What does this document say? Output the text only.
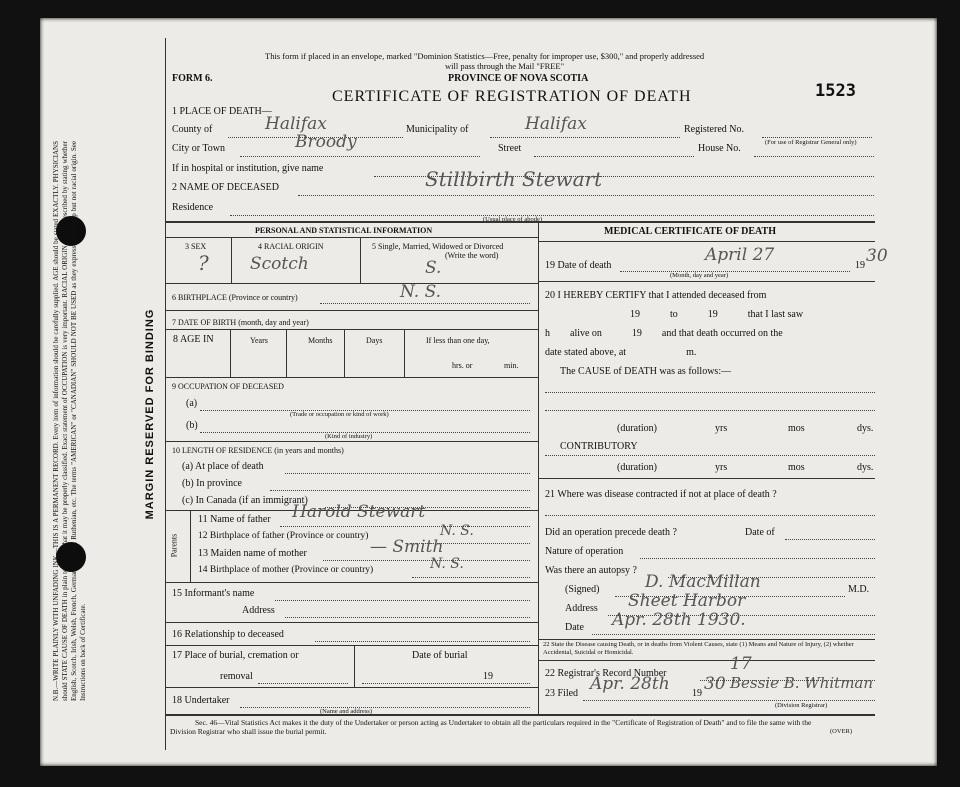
N.B.—WRITE PLAINLY WITH UNFADING INK—THIS IS A PERMANENT RECORD. Every item of information should be carefully supplied. AGE should be stated EXACTLY. PHYSICIANS should STATE CAUSE OF DEATH in plain terms, so that it may be properly classified. Exact statement of OCCUPATION is very important. RACIAL ORIGIN will be described by stating whether English, Scotch, Irish, Welsh, French, German, Russian, Ruthenian, etc. The terms "AMERICAN" or "CANADIAN" SHOULD NOT BE USED as they express citizenship but not racial origin. See Instructions on back of Certificate.
MARGIN RESERVED FOR BINDING
This form if placed in an envelope, marked "Dominion Statistics—Free, penalty for improper use, $300," and properly addressed
will pass through the Mail "FREE"
FORM 6.	PROVINCE OF NOVA SCOTIA
CERTIFICATE OF REGISTRATION OF DEATH	1523
1 PLACE OF DEATH—
County of	Halifax	Municipality of	Halifax	Registered No.
(For use of Registrar General only)
City or Town	Broody	Street	House No.
If in hospital or institution, give name
2 NAME OF DECEASED	Stillbirth Stewart
Residence
(Usual place of abode)
PERSONAL AND STATISTICAL INFORMATION	MEDICAL CERTIFICATE OF DEATH
3 SEX
?
4 RACIAL ORIGIN
Scotch
5 Single, Married, Widowed or Divorced
(Write the word)
S.
6 BIRTHPLACE (Province or country)	N. S.
7 DATE OF BIRTH (month, day and year)
8 AGE IN	Years	Months	Days	If less than one day,
hrs. or	min.
9 OCCUPATION OF DECEASED
(a)
(Trade or occupation or kind of work)
(b)
(Kind of industry)
10 LENGTH OF RESIDENCE (in years and months)
(a) At place of death
(b) In province
(c) In Canada (if an immigrant)
Parents
11 Name of father Harold Stewart
12 Birthplace of father (Province or country)	N. S.
13 Maiden name of mother	— Smith
14 Birthplace of mother (Province or country)	N. S.
15 Informant's name
Address
16 Relationship to deceased
17 Place of burial, cremation or
removal
Date of burial
19
18 Undertaker
(Name and address)
19 Date of death
April 27
(Month, day and year)
19 30
20 I HEREBY CERTIFY that I attended deceased from
19            to            19            that I last saw
h        alive on            19        and that death occurred on the
date stated above, at                        m.
The CAUSE of DEATH was as follows:—
(duration)	yrs	mos	dys.
CONTRIBUTORY
(duration)	yrs	mos	dys.
21 Where was disease contracted if not at place of death ?
Did an operation precede death ?	Date of
Nature of operation
Was there an autopsy ?
(Signed)	D. MacMillan	M.D.
Address Sheet Harbor
Date Apr. 28th 1930.
22 State the Disease causing Death, or in deaths from Violent Causes, state (1) Means and Nature of Injury, (2) whether Accidental, Suicidal or Homicidal.
22 Registrar's Record Number	17
23 Filed Apr. 28th 19 30 Bessie B. Whitman
(Division Registrar)
Sec. 46—Vital Statistics Act makes it the duty of the Undertaker or person acting as Undertaker to obtain all the particulars required in the "Certificate of Registration of Death" and to file the same with the Division Registrar who shall issue the burial permit.	(OVER)
